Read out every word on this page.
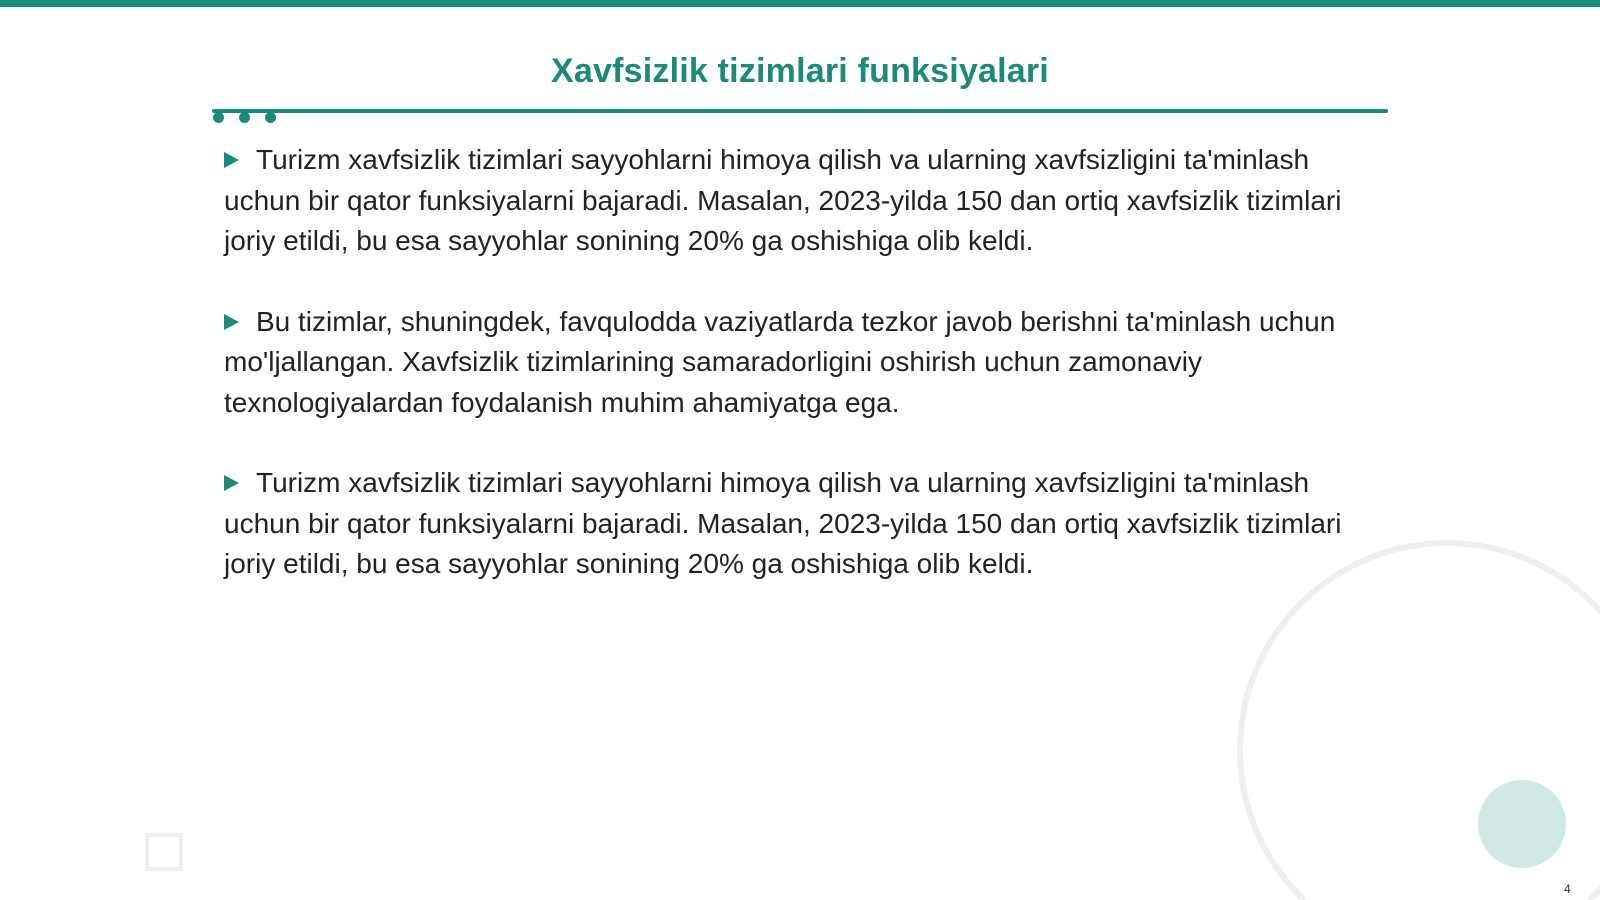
Xavfsizlik tizimlari funksiyalari

Turizm xavfsizlik tizimlari sayyohlarni himoya qilish va ularning xavfsizligini ta'minlash uchun bir qator funksiyalarni bajaradi. Masalan, 2023-yilda 150 dan ortiq xavfsizlik tizimlari joriy etildi, bu esa sayyohlar sonining 20% ga oshishiga olib keldi.

Bu tizimlar, shuningdek, favqulodda vaziyatlarda tezkor javob berishni ta'minlash uchun mo'ljallangan. Xavfsizlik tizimlarining samaradorligini oshirish uchun zamonaviy texnologiyalardan foydalanish muhim ahamiyatga ega.

Turizm xavfsizlik tizimlari sayyohlarni himoya qilish va ularning xavfsizligini ta'minlash uchun bir qator funksiyalarni bajaradi. Masalan, 2023-yilda 150 dan ortiq xavfsizlik tizimlari joriy etildi, bu esa sayyohlar sonining 20% ga oshishiga olib keldi.

4
